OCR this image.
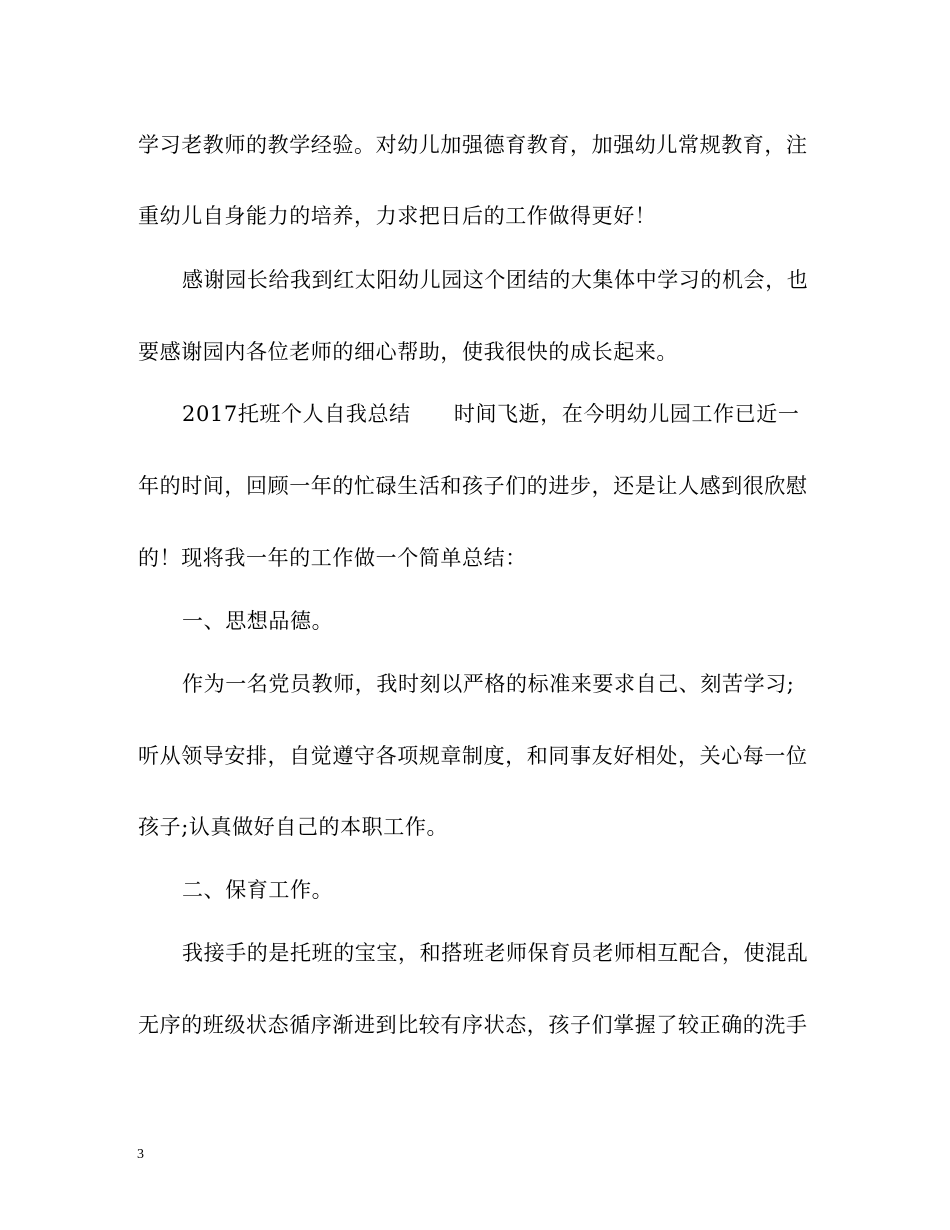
学习老教师的教学经验。对幼儿加强德育教育，加强幼儿常规教育，注
重幼儿自身能力的培养，力求把日后的工作做得更好！
感谢园长给我到红太阳幼儿园这个团结的大集体中学习的机会，也
要感谢园内各位老师的细心帮助，使我很快的成长起来。
2017托班个人自我总结　　时间飞逝，在今明幼儿园工作已近一
年的时间，回顾一年的忙碌生活和孩子们的进步，还是让人感到很欣慰
的！现将我一年的工作做一个简单总结：
一、思想品德。
作为一名党员教师，我时刻以严格的标准来要求自己、刻苦学习;
听从领导安排，自觉遵守各项规章制度，和同事友好相处，关心每一位
孩子;认真做好自己的本职工作。
二、保育工作。
我接手的是托班的宝宝，和搭班老师保育员老师相互配合，使混乱
无序的班级状态循序渐进到比较有序状态，孩子们掌握了较正确的洗手
3
